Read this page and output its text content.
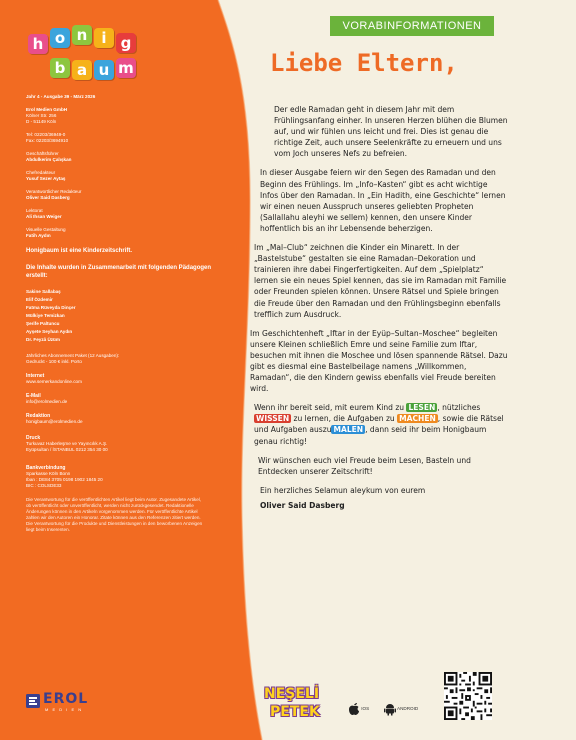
h o n i g
b a u m

Jahr 4 - Ausgabe 39 - März 2026

Erol Medien GmbH

Kölner Str. 256

D - 51149 Köln

Tel: 02203/36949-0

Fax: 02203/3694910

Geschäftsführer

Abdulkerim Çalışkan

Chefredakteur

Yusuf Sezer Aytaş

Verantwortlicher Redakteur

Oliver Said Dasberg

Lektorat

Ali Ihsan Weiger

Visuelle Gestaltung

Fatih Aydın

Honigbaum ist eine Kinderzeitschrift.

Die Inhalte wurden in Zusammenarbeit mit folgenden Pädagogen erstellt:

Sakine Sallabaş

Elif Özdemir

Fatma Rüveyda Dinçer

Mülkiye Temizkan

Şerife Paltuncu

Ayşete Seyhan Aydın

Dr. Feyzâ Üzüm

Jährliches Abonnement Paket (12 Ausgaben):

Gedruckt - 100 € inkl. Porto

Internet

www.semerkandonline.com

E-Mail

info@erolmedien.de

Redaktion

honigbaum@erolmedien.de

Druck

Turkuvaz Haberleşme ve Yayıncılık A.Ş.

Eyüpsultan / İSTANBUL 0212 354 30 00

Bankverbindung

Sparkasse Köln Bonn

Iban : DE84 3705 0198 1902 1845 20

BIC : COLSDE33

Die Verantwortung für die veröffentlichten Artikel liegt beim Autor. Zugesandete Artikel, ob veröffentlicht oder unveröffentlicht, werden nicht zurückgesendet. Redaktionelle Änderungen können in den Artikeln vorgenommen werden. Für veröffentlichte Artikel zahlen wir den Autoren ein Honorar. Zitate können aus den Referenzen zitiert werden. Die Verantwortung für die Produkte und Dienstleistungen in den beworbenen Anzeigen liegt beim Inserenten.

EROL
M E D I E N
VORABINFORMATIONEN
Liebe Eltern,

Der edle Ramadan geht in diesem Jahr mit dem Frühlingsanfang einher. In unseren Herzen blühen die Blumen auf, und wir fühlen uns leicht und frei. Dies ist genau die richtige Zeit, auch unsere Seelenkräfte zu erneuern und uns vom Joch unseres Nefs zu befreien.

In dieser Ausgabe feiern wir den Segen des Ramadan und den Beginn des Frühlings. Im „Info–Kasten“ gibt es acht wichtige Infos über den Ramadan. In „Ein Hadith, eine Geschichte“ lernen wir einen neuen Ausspruch unseres geliebten Propheten (Sallallahu aleyhi we sellem) kennen, den unsere Kinder hoffentlich bis an ihr Lebensende beherzigen.

Im „Mal–Club“ zeichnen die Kinder ein Minarett. In der „Bastelstube“ gestalten sie eine Ramadan–Dekoration und trainieren ihre dabei Fingerfertigkeiten. Auf dem „Spielplatz“ lernen sie ein neues Spiel kennen, das sie im Ramadan mit Familie oder Freunden spielen können. Unsere Rätsel und Spiele bringen die Freude über den Ramadan und den Frühlingsbeginn ebenfalls trefflich zum Ausdruck.

Im Geschichtenheft „Iftar in der Eyüp–Sultan–Moschee“ begleiten unsere Kleinen schließlich Emre und seine Familie zum Iftar, besuchen mit ihnen die Moschee und lösen spannende Rätsel. Dazu gibt es diesmal eine Bastelbeilage namens „Willkommen, Ramadan“, die den Kindern gewiss ebenfalls viel Freude bereiten wird.

Wenn ihr bereit seid, mit eurem Kind zu LESEN , nützliches WISSEN zu lernen, die Aufgaben zu MACHEN , sowie die Rätsel und Aufgaben auszu MALEN , dann seid ihr beim Honigbaum genau richtig!

Wir wünschen euch viel Freude beim Lesen, Basteln und Entdecken unserer Zeitschrift!

Ein herzliches Selamun aleykum von eurem

Oliver Said Dasberg

NEŞELİ
PETEK	IOS	ANDROID
